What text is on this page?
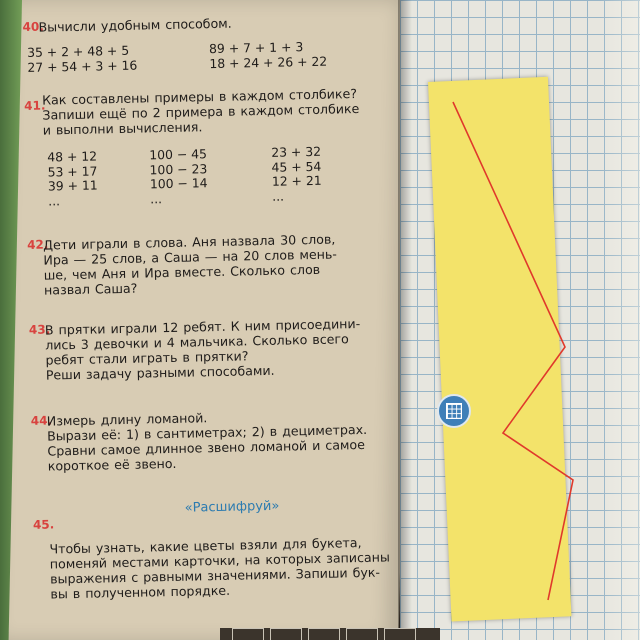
40.
Вычисли удобным способом.
35 + 2 + 48 + 5
27 + 54 + 3 + 16
89 + 7 + 1 + 3
18 + 24 + 26 + 22
41.
Как составлены примеры в каждом столбике?
Запиши ещё по 2 примера в каждом столбике
и выполни вычисления.
48 + 12
53 + 17
39 + 11
...
100 − 45
100 − 23
100 − 14
...
23 + 32
45 + 54
12 + 21
...
42.
Дети играли в слова. Аня назвала 30 слов,
Ира — 25 слов, а Саша — на 20 слов мень-
ше, чем Аня и Ира вместе. Сколько слов
назвал Саша?
43.
В прятки играли 12 ребят. К ним присоедини-
лись 3 девочки и 4 мальчика. Сколько всего
ребят стали играть в прятки?
Реши задачу разными способами.
44.
Измерь длину ломаной.
Вырази её: 1) в сантиметрах; 2) в дециметрах.
Сравни самое длинное звено ломаной и самое
короткое её звено.
«Расшифруй»
45.
Чтобы узнать, какие цветы взяли для букета,
поменяй местами карточки, на которых записаны
выражения с равными значениями. Запиши бук-
вы в полученном порядке.
